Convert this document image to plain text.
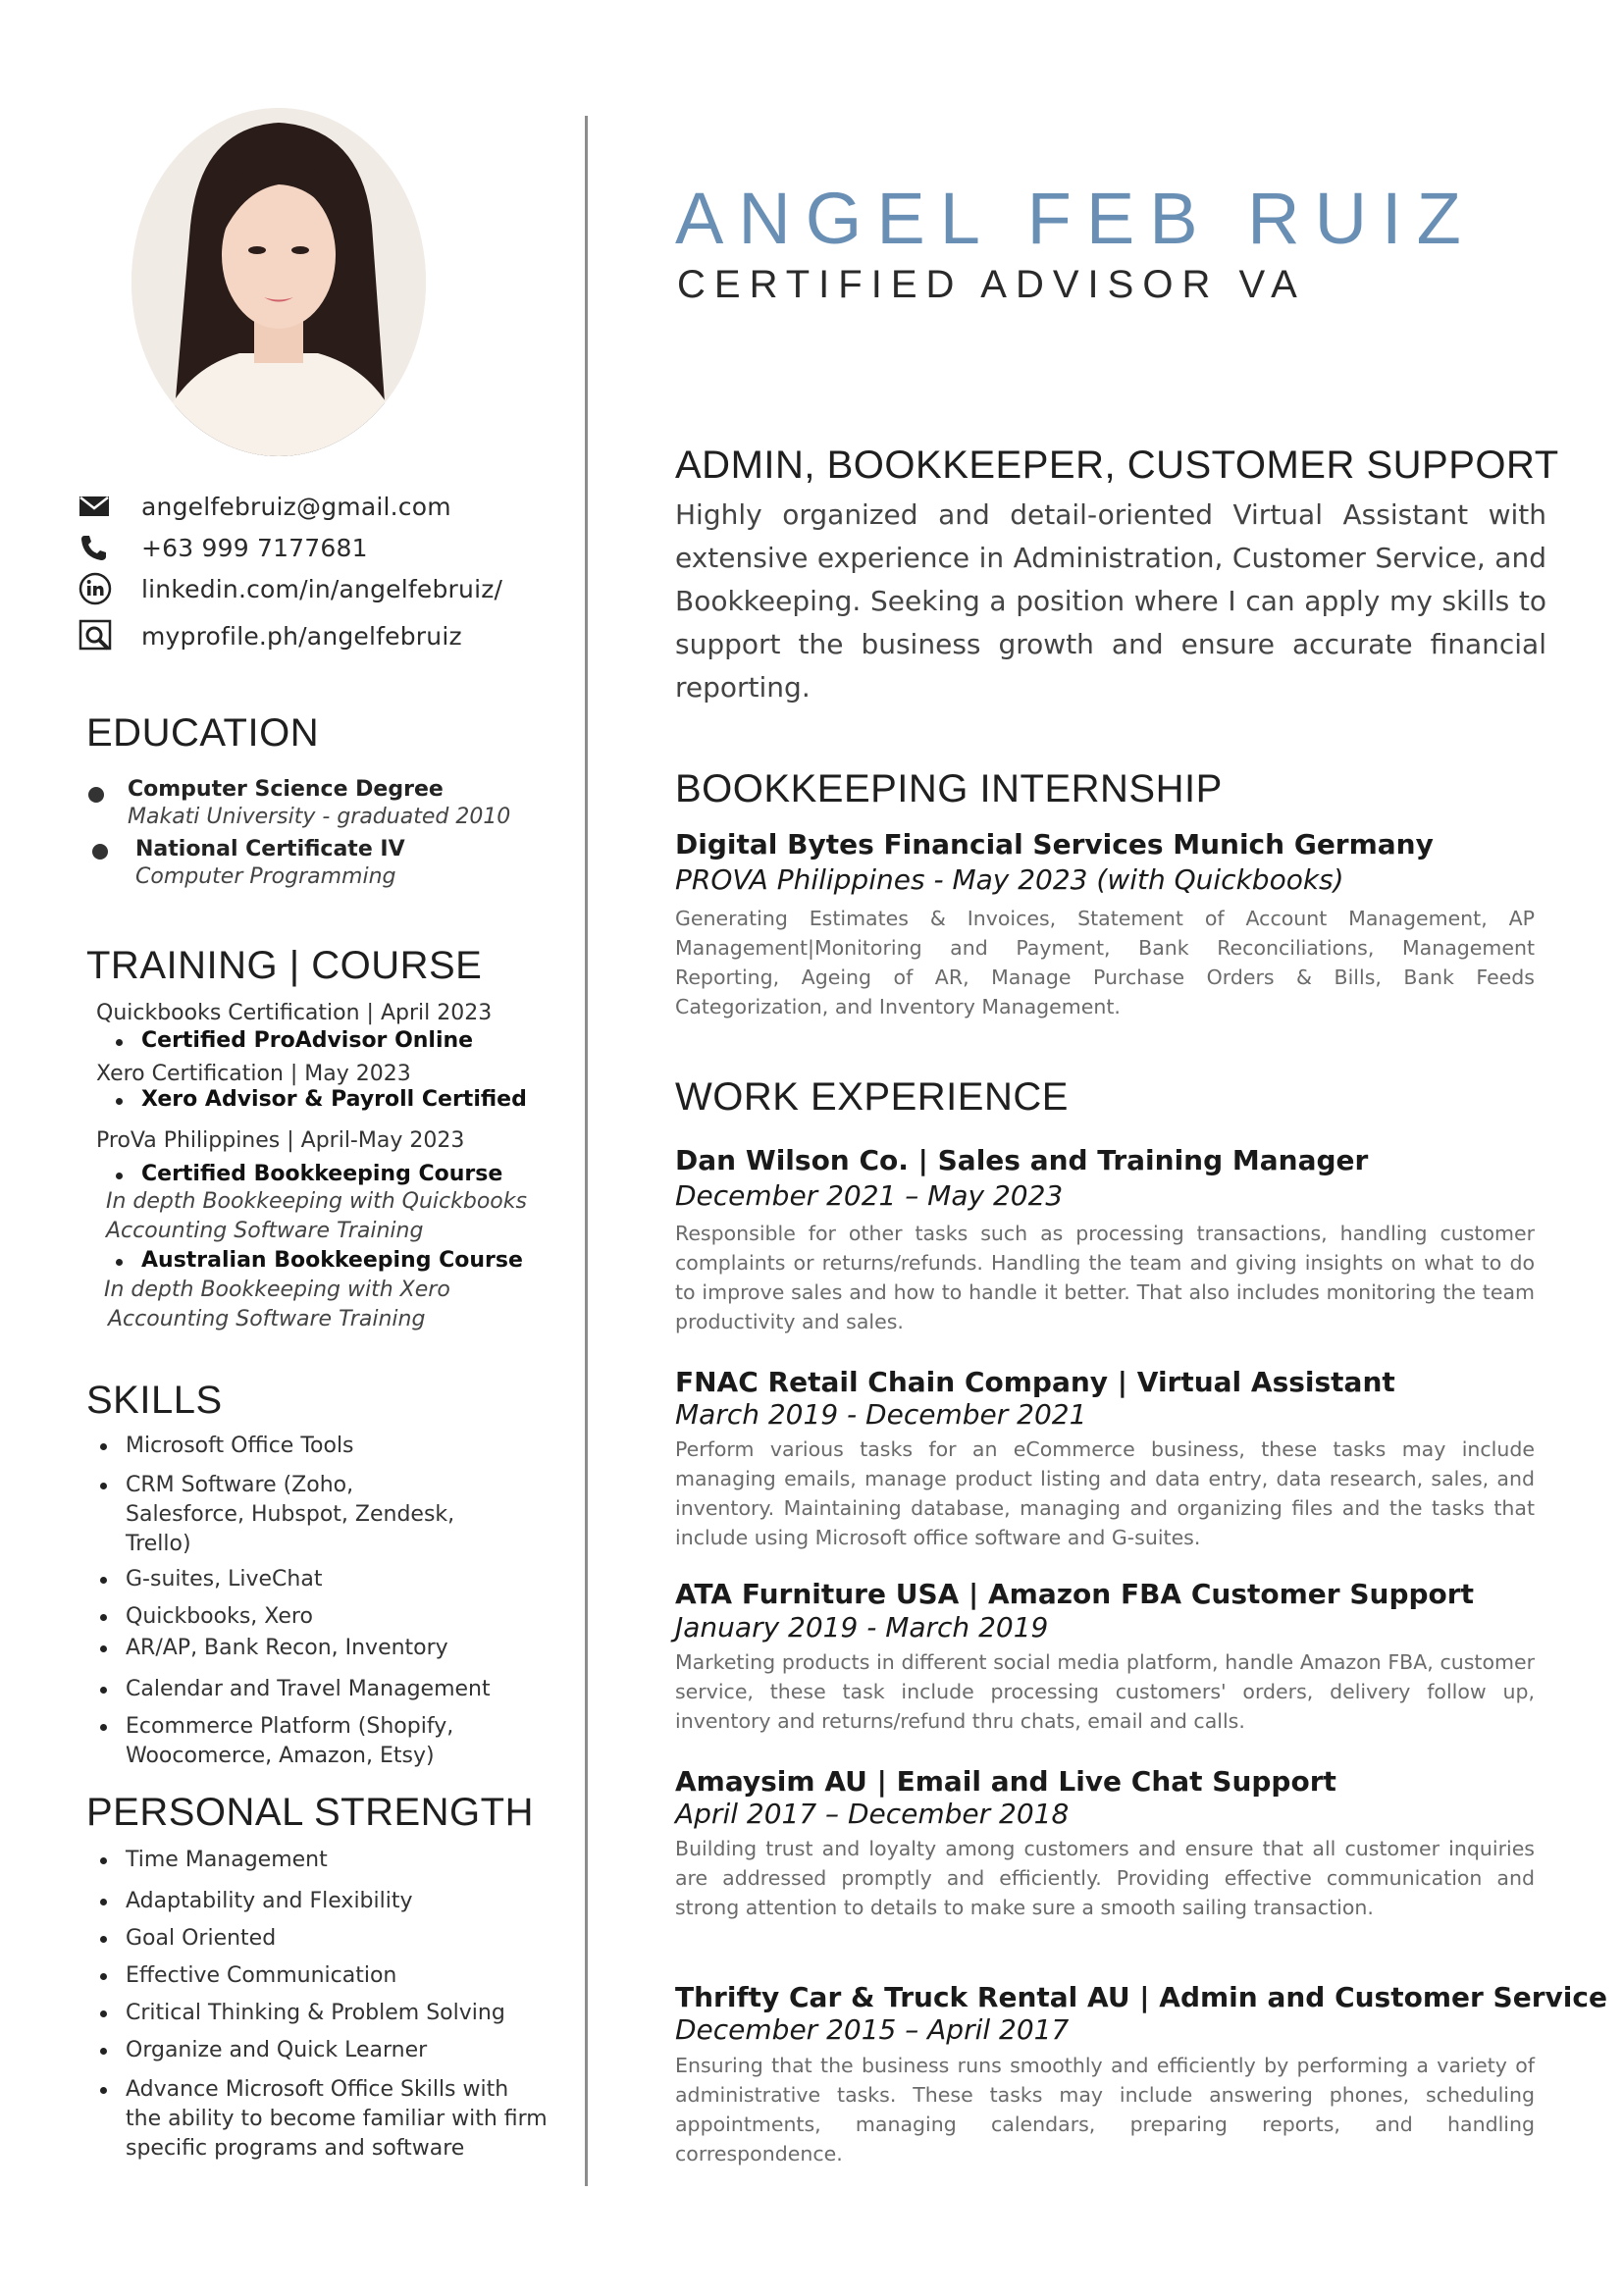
angelfebruiz@gmail.com
+63 999 7177681
linkedin.com/in/angelfebruiz/
myprofile.ph/angelfebruiz
EDUCATION
Computer Science Degree
Makati University - graduated 2010
National Certificate IV
Computer Programming
TRAINING | COURSE
Quickbooks Certification | April 2023
Certified ProAdvisor Online
Xero Certification | May 2023
Xero Advisor & Payroll Certified
ProVa Philippines | April-May 2023
Certified Bookkeeping Course
In depth Bookkeeping with Quickbooks
Accounting Software Training
Australian Bookkeeping Course
In depth Bookkeeping with Xero
Accounting Software Training
SKILLS
Microsoft Office Tools
CRM Software (Zoho, Salesforce, Hubspot, Zendesk, Trello)
G-suites, LiveChat
Quickbooks, Xero
AR/AP, Bank Recon, Inventory
Calendar and Travel Management
Ecommerce Platform (Shopify, Woocomerce, Amazon, Etsy)
PERSONAL STRENGTH
Time Management
Adaptability and Flexibility
Goal Oriented
Effective Communication
Critical Thinking & Problem Solving
Organize and Quick Learner
Advance Microsoft Office Skills with the ability to become familiar with firm specific programs and software
ANGEL FEB RUIZ
CERTIFIED ADVISOR VA
ADMIN, BOOKKEEPER, CUSTOMER SUPPORT
Highly organized and detail-oriented Virtual Assistant with extensive experience in Administration, Customer Service, and Bookkeeping. Seeking a position where I can apply my skills to support the business growth and ensure accurate financial reporting.
BOOKKEEPING INTERNSHIP
Digital Bytes Financial Services Munich Germany
PROVA Philippines - May 2023 (with Quickbooks)
Generating Estimates & Invoices, Statement of Account Management, AP Management|Monitoring and Payment, Bank Reconciliations, Management Reporting, Ageing of AR, Manage Purchase Orders & Bills, Bank Feeds Categorization, and Inventory Management.
WORK EXPERIENCE
Dan Wilson Co. | Sales and Training Manager
December 2021 – May 2023
Responsible for other tasks such as processing transactions, handling customer complaints or returns/refunds. Handling the team and giving insights on what to do to improve sales and how to handle it better. That also includes monitoring the team productivity and sales.
FNAC Retail Chain Company | Virtual Assistant
March 2019 - December 2021
Perform various tasks for an eCommerce business, these tasks may include managing emails, manage product listing and data entry, data research, sales, and inventory. Maintaining database, managing and organizing files and the tasks that include using Microsoft office software and G-suites.
ATA Furniture USA | Amazon FBA Customer Support
January 2019 - March 2019
Marketing products in different social media platform, handle Amazon FBA, customer service, these task include processing customers' orders, delivery follow up, inventory and returns/refund thru chats, email and calls.
Amaysim AU | Email and Live Chat Support
April 2017 – December 2018
Building trust and loyalty among customers and ensure that all customer inquiries are addressed promptly and efficiently. Providing effective communication and strong attention to details to make sure a smooth sailing transaction.
Thrifty Car & Truck Rental AU | Admin and Customer Service
December 2015 – April 2017
Ensuring that the business runs smoothly and efficiently by performing a variety of administrative tasks. These tasks may include answering phones, scheduling appointments, managing calendars, preparing reports, and handling correspondence.
